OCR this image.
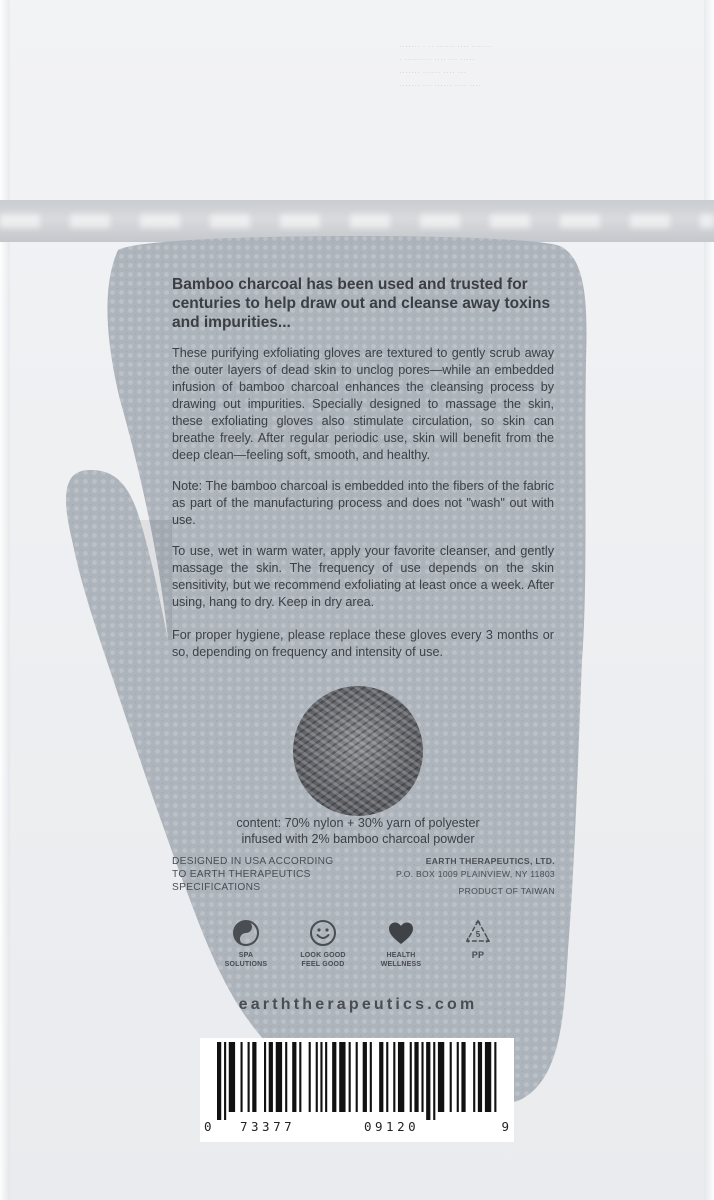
······· ···· ······ ·· · ·······
····· ··· ···· ········· ·
··· ···· ······ ·······
···· ···· ······ ··· ·······
Bamboo charcoal has been used and trusted for centuries to help draw out and cleanse away toxins and impurities...

These purifying exfoliating gloves are textured to gently scrub away the outer layers of dead skin to unclog pores—while an embedded infusion of bamboo charcoal enhances the cleansing process by drawing out impurities. Specially designed to massage the skin, these exfoliating gloves also stimulate circulation, so skin can breathe freely. After regular periodic use, skin will benefit from the deep clean—feeling soft, smooth, and healthy.

Note: The bamboo charcoal is embedded into the fibers of the fabric as part of the manufacturing process and does not "wash" out with use.

To use, wet in warm water, apply your favorite cleanser, and gently massage the skin. The frequency of use depends on the skin sensitivity, but we recommend exfoliating at least once a week. After using, hang to dry. Keep in dry area.

For proper hygiene, please replace these gloves every 3 months or so, depending on frequency and intensity of use.

content: 70% nylon + 30% yarn of polyester
infused with 2% bamboo charcoal powder
DESIGNED IN USA ACCORDING
TO EARTH THERAPEUTICS
SPECIFICATIONS
EARTH THERAPEUTICS, LTD.
P.O. BOX 1009 PLAINVIEW, NY 11803
PRODUCT OF TAIWAN
SPA
SOLUTIONS
LOOK GOOD
FEEL GOOD
HEALTH
WELLNESS
5
PP
earththerapeutics.com
0 73377	09120	9
